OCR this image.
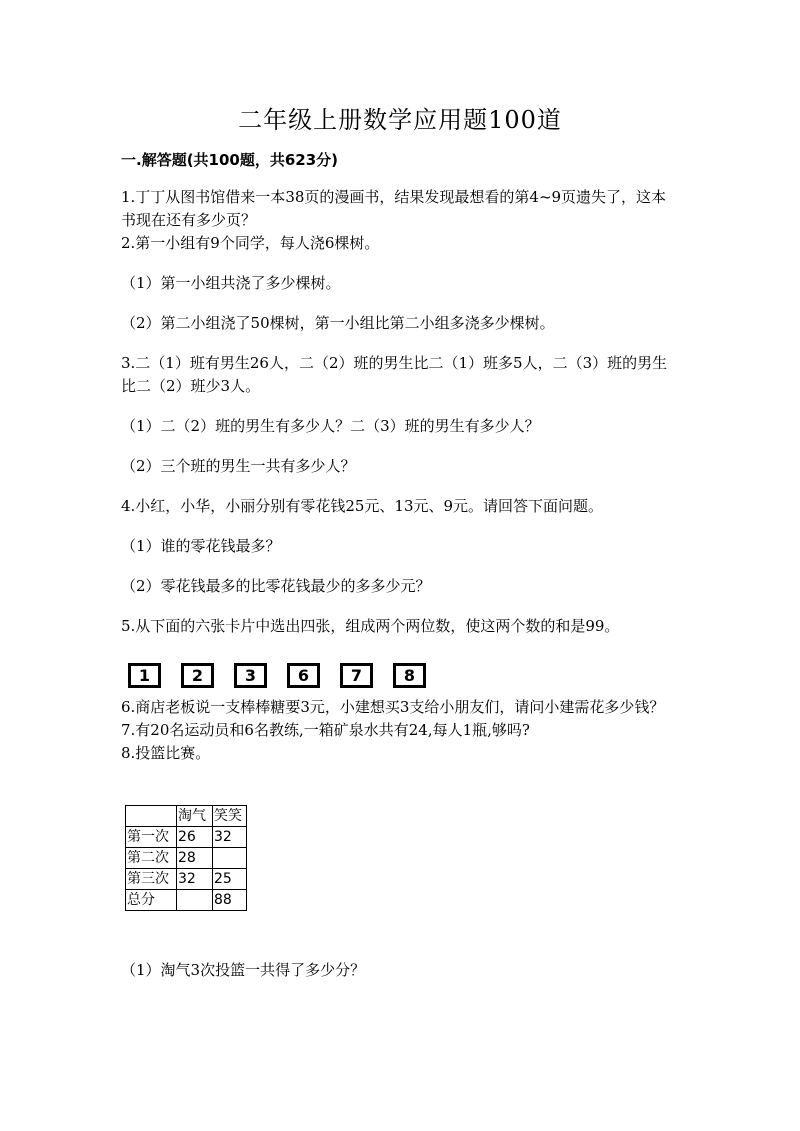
二年级上册数学应用题100道
一.解答题(共100题，共623分)

1.丁丁从图书馆借来一本38页的漫画书，结果发现最想看的第4~9页遗失了，这本书现在还有多少页？

2.第一小组有9个同学，每人浇6棵树。

（1）第一小组共浇了多少棵树。

（2）第二小组浇了50棵树，第一小组比第二小组多浇多少棵树。

3.二（1）班有男生26人，二（2）班的男生比二（1）班多5人，二（3）班的男生比二（2）班少3人。

（1）二（2）班的男生有多少人？二（3）班的男生有多少人？

（2）三个班的男生一共有多少人？

4.小红，小华，小丽分别有零花钱25元、13元、9元。请回答下面问题。

（1）谁的零花钱最多？

（2）零花钱最多的比零花钱最少的多多少元？

5.从下面的六张卡片中选出四张，组成两个两位数，使这两个数的和是99。

1	2	3	6	7	8

6.商店老板说一支棒棒糖要3元，小建想买3支给小朋友们，请问小建需花多少钱？

7.有20名运动员和6名教练,一箱矿泉水共有24,每人1瓶,够吗?

8.投篮比赛。

	淘气	笑笑
第一次	26	32
第二次	28	
第三次	32	25
总分		88

（1）淘气3次投篮一共得了多少分？
